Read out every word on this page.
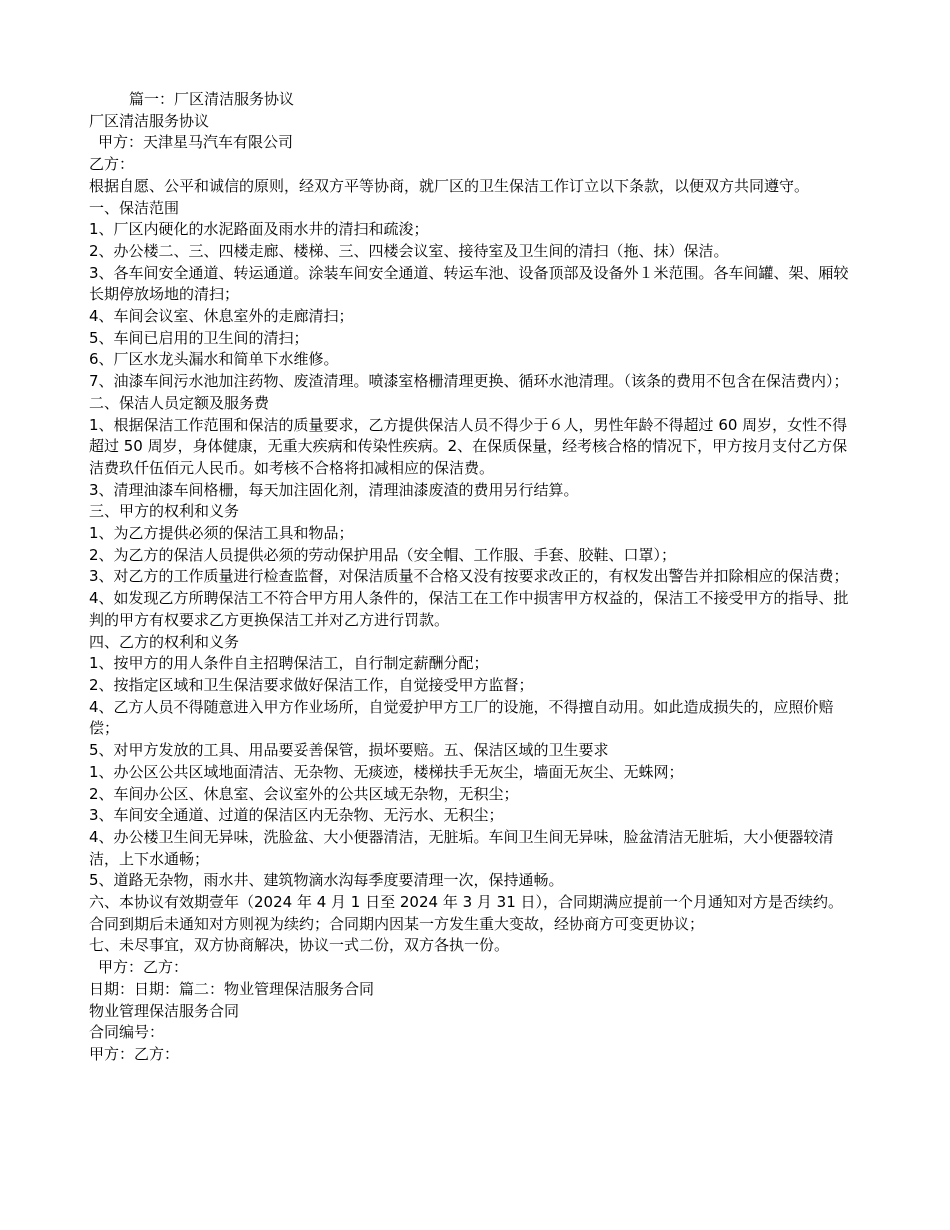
篇一：厂区清洁服务协议
厂区清洁服务协议
甲方：天津星马汽车有限公司
乙方：
根据自愿、公平和诚信的原则，经双方平等协商，就厂区的卫生保洁工作订立以下条款，以便双方共同遵守。
一、保洁范围
1、厂区内硬化的水泥路面及雨水井的清扫和疏浚；
2、办公楼二、三、四楼走廊、楼梯、三、四楼会议室、接待室及卫生间的清扫（拖、抹）保洁。
3、各车间安全通道、转运通道。涂装车间安全通道、转运车池、设备顶部及设备外１米范围。各车间罐、架、厢较长期停放场地的清扫；
4、车间会议室、休息室外的走廊清扫；
5、车间已启用的卫生间的清扫；
6、厂区水龙头漏水和简单下水维修。
7、油漆车间污水池加注药物、废渣清理。喷漆室格栅清理更换、循环水池清理。（该条的费用不包含在保洁费内）；
二、保洁人员定额及服务费
1、根据保洁工作范围和保洁的质量要求，乙方提供保洁人员不得少于６人，男性年龄不得超过 60 周岁，女性不得超过 50 周岁，身体健康，无重大疾病和传染性疾病。2、在保质保量，经考核合格的情况下，甲方按月支付乙方保洁费玖仟伍佰元人民币。如考核不合格将扣减相应的保洁费。
3、清理油漆车间格栅，每天加注固化剂，清理油漆废渣的费用另行结算。
三、甲方的权利和义务
1、为乙方提供必须的保洁工具和物品；
2、为乙方的保洁人员提供必须的劳动保护用品（安全帽、工作服、手套、胶鞋、口罩）；
3、对乙方的工作质量进行检查监督，对保洁质量不合格又没有按要求改正的，有权发出警告并扣除相应的保洁费；
4、如发现乙方所聘保洁工不符合甲方用人条件的，保洁工在工作中损害甲方权益的，保洁工不接受甲方的指导、批判的甲方有权要求乙方更换保洁工并对乙方进行罚款。
四、乙方的权利和义务
1、按甲方的用人条件自主招聘保洁工，自行制定薪酬分配；
2、按指定区域和卫生保洁要求做好保洁工作，自觉接受甲方监督；
4、乙方人员不得随意进入甲方作业场所，自觉爱护甲方工厂的设施，不得擅自动用。如此造成损失的，应照价赔偿；
5、对甲方发放的工具、用品要妥善保管，损坏要赔。五、保洁区域的卫生要求
1、办公区公共区域地面清洁、无杂物、无痰迹，楼梯扶手无灰尘，墙面无灰尘、无蛛网；
2、车间办公区、休息室、会议室外的公共区域无杂物，无积尘；
3、车间安全通道、过道的保洁区内无杂物、无污水、无积尘；
4、办公楼卫生间无异味，洗脸盆、大小便器清洁，无脏垢。车间卫生间无异味，脸盆清洁无脏垢，大小便器较清洁，上下水通畅；
5、道路无杂物，雨水井、建筑物滴水沟每季度要清理一次，保持通畅。
六、本协议有效期壹年（2024 年 4 月 1 日至 2024 年 3 月 31 日），合同期满应提前一个月通知对方是否续约。合同到期后未通知对方则视为续约；合同期内因某一方发生重大变故，经协商方可变更协议；
七、未尽事宜，双方协商解决，协议一式二份，双方各执一份。
甲方：乙方：
日期：日期：篇二：物业管理保洁服务合同
物业管理保洁服务合同
合同编号：
甲方：乙方：
